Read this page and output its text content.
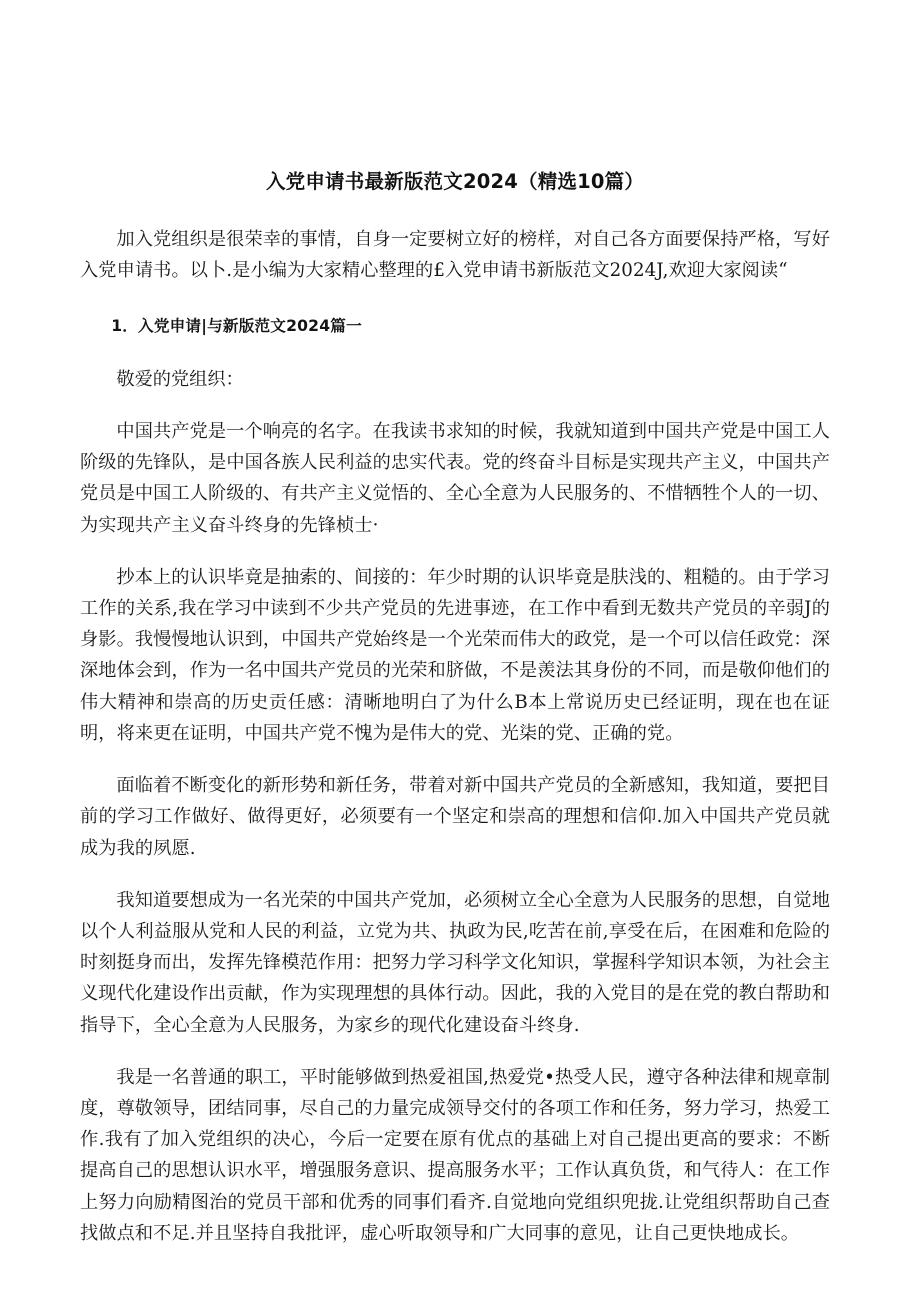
入党申请书最新版范文2024（精选10篇）

加入党组织是很荣幸的事情，自身一定要树立好的榜样，对自己各方面要保持严格，写好入党申请书。以卜.是小编为大家精心整理的£入党申请书新版范文2024J,欢迎大家阅读“

1．入党申请|与新版范文2024篇一

敬爱的党组织：

中国共产党是一个响亮的名字。在我读书求知的时候，我就知道到中国共产党是中国工人阶级的先锋队，是中国各族人民利益的忠实代表。党的终奋斗目标是实现共产主义，中国共产党员是中国工人阶级的、有共产主义觉悟的、全心全意为人民服务的、不惜牺牲个人的一切、为实现共产主义奋斗终身的先锋桢士·

抄本上的认识毕竟是抽索的、间接的：年少时期的认识毕竟是肤浅的、粗糙的。由于学习工作的关系,我在学习中读到不少共产党员的先进事迹，在工作中看到无数共产党员的辛弱J的身影。我慢慢地认识到，中国共产党始终是一个光荣而伟大的政党，是一个可以信任政党：深深地体会到，作为一名中国共产党员的光荣和脐做，不是羡法其身份的不同，而是敬仰他们的伟大精神和崇高的历史贡任感：清晰地明白了为什么B本上常说历史已经证明，现在也在证明，将来更在证明，中国共产党不愧为是伟大的党、光柒的党、正确的党。

面临着不断变化的新形势和新任务，带着对新中国共产党员的全新感知，我知道，要把目前的学习工作做好、做得更好，必须要有一个坚定和崇高的理想和信仰.加入中国共产党员就成为我的夙愿.

我知道要想成为一名光荣的中国共产党加，必须树立全心全意为人民服务的思想，自觉地以个人利益服从党和人民的利益，立党为共、执政为民,吃苦在前,享受在后，在困难和危险的时刻挺身而出，发挥先锋模范作用：把努力学习科学文化知识，掌握科学知识本领，为社会主义现代化建设作出贡献，作为实现理想的具体行动。因此，我的入党目的是在党的教白帮助和指导下，全心全意为人民服务，为家乡的现代化建设奋斗终身.

我是一名普通的职工，平时能够做到热爱祖国,热爱党•热受人民，遵守各种法律和规章制度，尊敬领导，团结同事，尽自己的力量完成领导交付的各项工作和任务，努力学习，热爱工作.我有了加入党组织的决心，今后一定要在原有优点的基础上对自己提出更高的要求：不断提高自己的思想认识水平，增强服务意识、提高服务水平；工作认真负货，和气待人：在工作上努力向励精图治的党员干部和优秀的同事们看齐.自觉地向党组织兜拢.让党组织帮助自己查找做点和不足.并且坚持自我批评，虚心听取领导和广大同事的意见，让自己更快地成长。
